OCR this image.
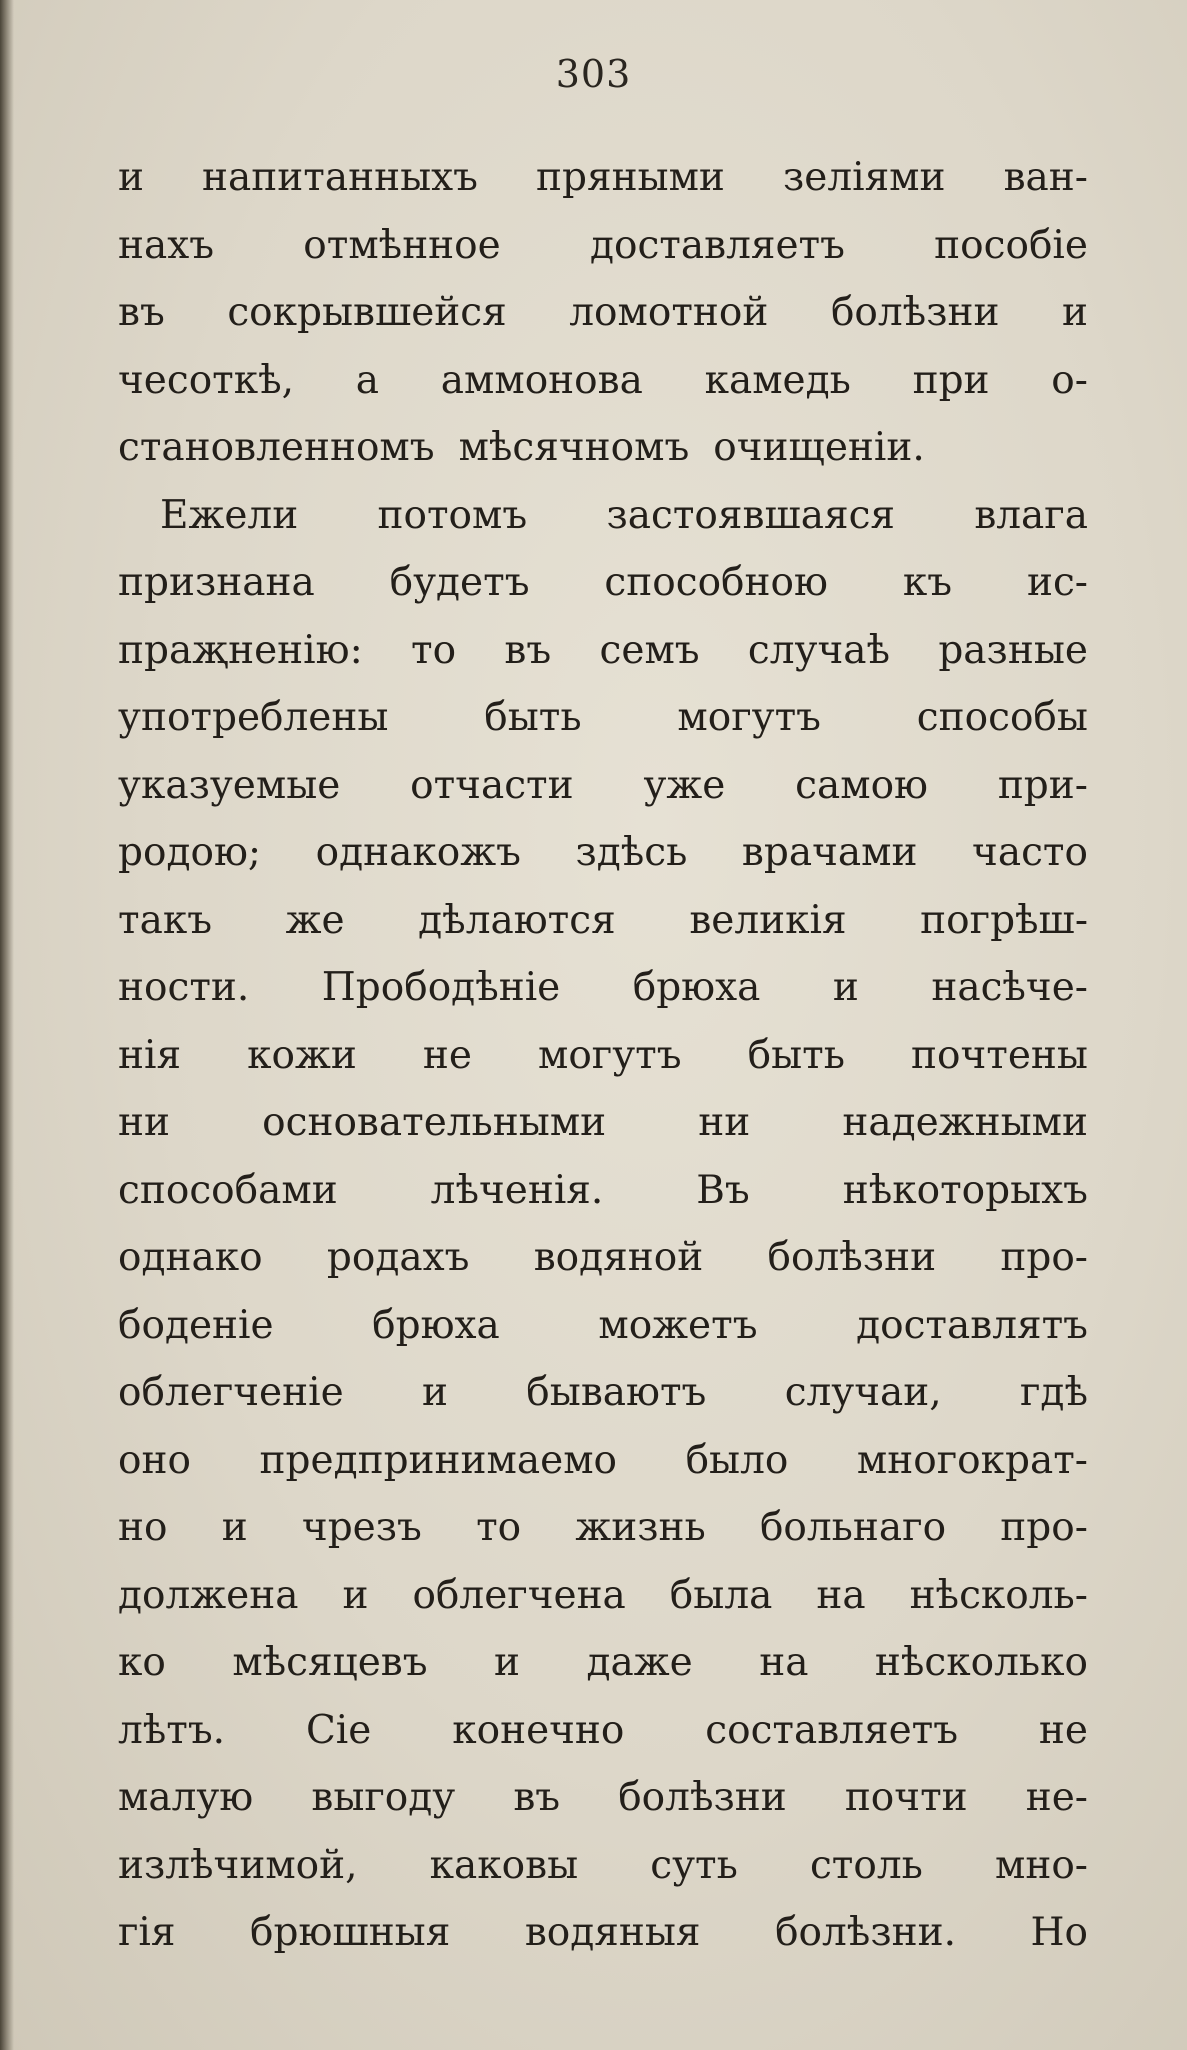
303
и напитанныхъ пряными зеліями ван-
нахъ отмѣнное доставляетъ пособіе
въ сокрывшейся ломотной болѣзни и
чесоткѣ, а аммонова камедь при о-
становленномъ мѣсячномъ очищеніи.
Ежели потомъ застоявшаяся влага
признана будетъ способною къ ис-
праҗненію: то въ семъ случаѣ разные
употреблены быть могутъ способы
указуемые отчасти уже самою при-
родою; однакожъ здѣсь врачами часто
такъ же дѣлаются великія погрѣш-
ности. Прободѣніе брюха и насѣче-
нія кожи не могутъ быть почтены
ни основательными ни надежными
способами лѣченія. Въ нѣкоторыхъ
однако родахъ водяной болѣзни про-
боденіе	брюха	можетъ	доставлятъ
облегченіе и бываютъ случаи, гдѣ
оно предпринимаемо было многократ-
но и чрезъ то жизнь больнаго про-
должена и облегчена была на нѣсколь-
ко мѣсяцевъ и даже на нѣсколько
лѣтъ. Сіе конечно составляетъ не
малую выгоду въ болѣзни почти не-
излѣчимой, каковы суть столь мно-
гія брюшныя водяныя болѣзни. Но
